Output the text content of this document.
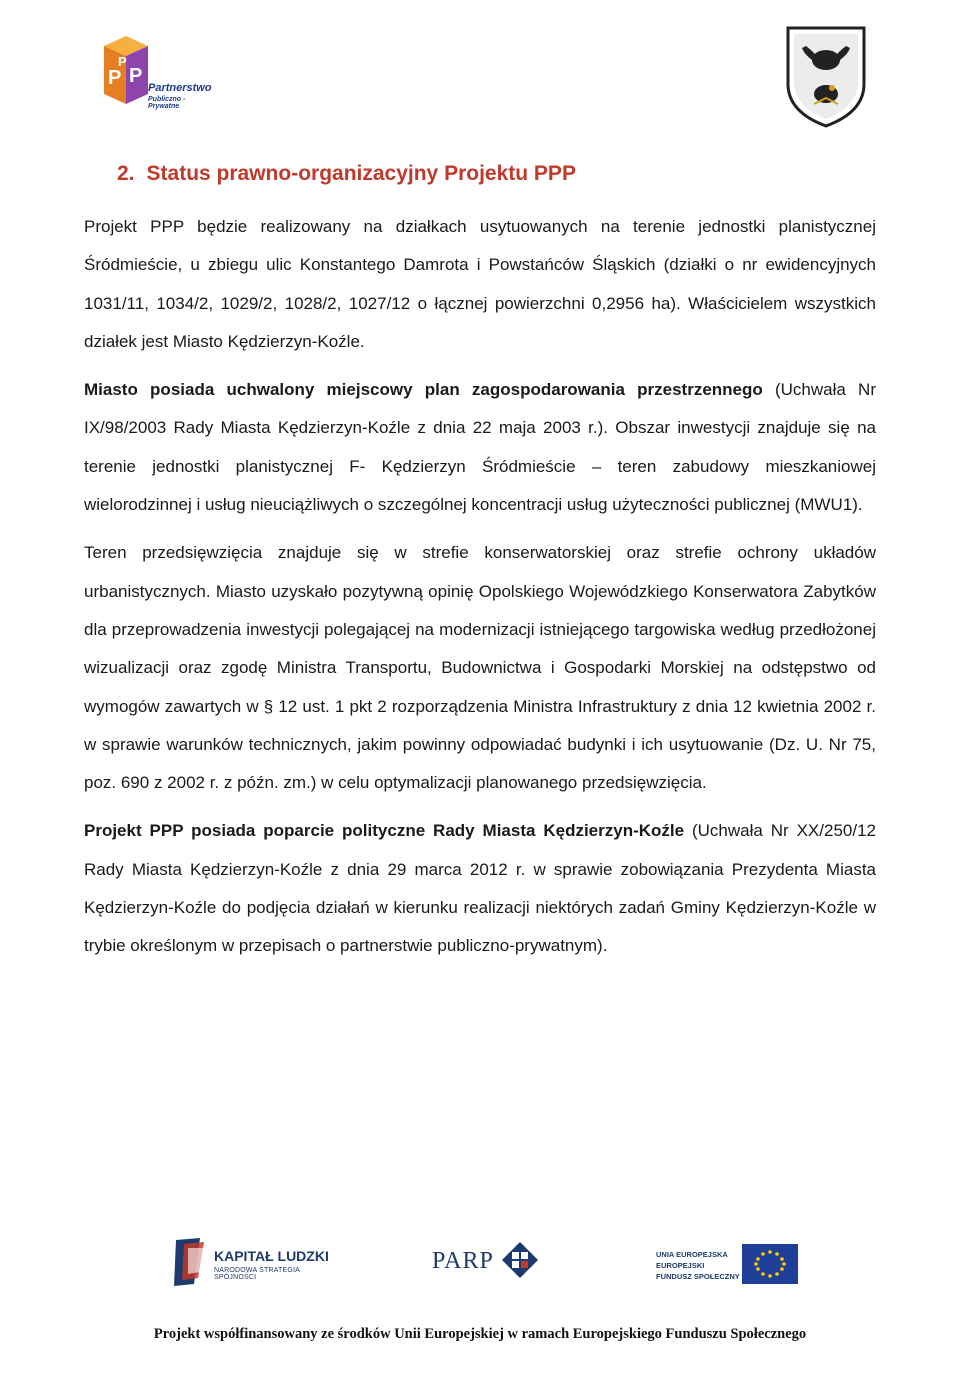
P P
P
Partnerstwo
Publiczno - Prywatne
2. Status prawno-organizacyjny Projektu PPP

Projekt PPP będzie realizowany na działkach usytuowanych na terenie jednostki planistycznej Śródmieście, u zbiegu ulic Konstantego Damrota i Powstańców Śląskich (działki o nr ewidencyjnych 1031/11, 1034/2, 1029/2, 1028/2, 1027/12 o łącznej powierzchni 0,2956 ha). Właścicielem wszystkich działek jest Miasto Kędzierzyn-Koźle.

Miasto posiada uchwalony miejscowy plan zagospodarowania przestrzennego (Uchwała Nr IX/98/2003 Rady Miasta Kędzierzyn-Koźle z dnia 22 maja 2003 r.). Obszar inwestycji znajduje się na terenie jednostki planistycznej F- Kędzierzyn Śródmieście – teren zabudowy mieszkaniowej wielorodzinnej i usług nieuciążliwych o szczególnej koncentracji usług użyteczności publicznej (MWU1).

Teren przedsięwzięcia znajduje się w strefie konserwatorskiej oraz strefie ochrony układów urbanistycznych. Miasto uzyskało pozytywną opinię Opolskiego Wojewódzkiego Konserwatora Zabytków dla przeprowadzenia inwestycji polegającej na modernizacji istniejącego targowiska według przedłożonej wizualizacji oraz zgodę Ministra Transportu, Budownictwa i Gospodarki Morskiej na odstępstwo od wymogów zawartych w § 12 ust. 1 pkt 2 rozporządzenia Ministra Infrastruktury z dnia 12 kwietnia 2002 r. w sprawie warunków technicznych, jakim powinny odpowiadać budynki i ich usytuowanie (Dz. U. Nr 75, poz. 690 z 2002 r. z późn. zm.) w celu optymalizacji planowanego przedsięwzięcia.

Projekt PPP posiada poparcie polityczne Rady Miasta Kędzierzyn-Koźle (Uchwała Nr XX/250/12 Rady Miasta Kędzierzyn-Koźle z dnia 29 marca 2012 r. w sprawie zobowiązania Prezydenta Miasta Kędzierzyn-Koźle do podjęcia działań w kierunku realizacji niektórych zadań Gminy Kędzierzyn-Koźle w trybie określonym w przepisach o partnerstwie publiczno-prywatnym).

KAPITAŁ LUDZKI
NARODOWA STRATEGIA SPÓJNOŚCI
PARP	UNIA EUROPEJSKA
EUROPEJSKI
FUNDUSZ SPOŁECZNY
Projekt współfinansowany ze środków Unii Europejskiej w ramach Europejskiego Funduszu Społecznego
